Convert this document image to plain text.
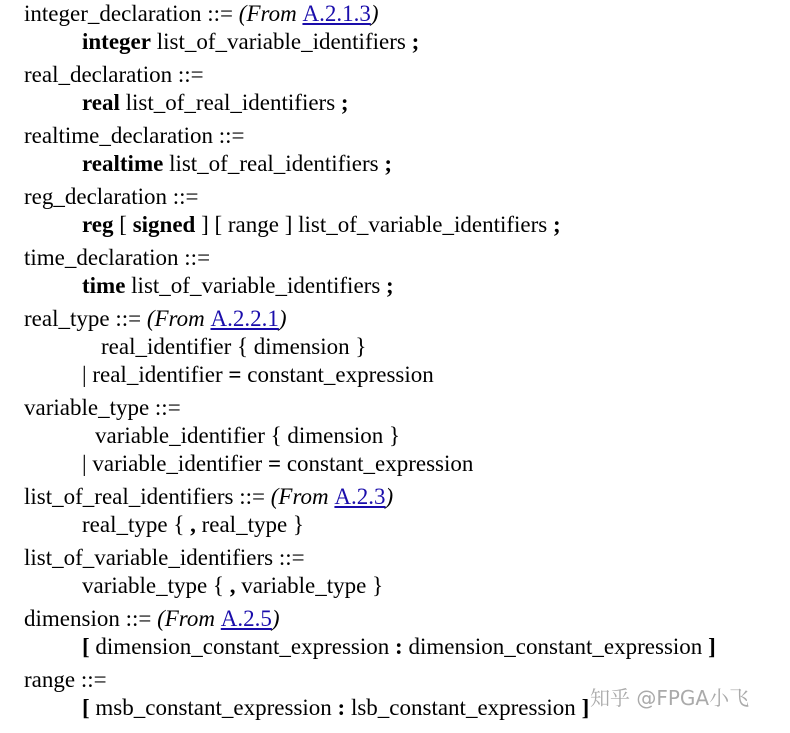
integer_declaration ::= (From A.2.1.3)
integer list_of_variable_identifiers ;
real_declaration ::=
real list_of_real_identifiers ;
realtime_declaration ::=
realtime list_of_real_identifiers ;
reg_declaration ::=
reg [ signed ] [ range ] list_of_variable_identifiers ;
time_declaration ::=
time list_of_variable_identifiers ;
real_type ::= (From A.2.2.1)
real_identifier { dimension }
| real_identifier = constant_expression
variable_type ::=
variable_identifier { dimension }
| variable_identifier = constant_expression
list_of_real_identifiers ::= (From A.2.3)
real_type { , real_type }
list_of_variable_identifiers ::=
variable_type { , variable_type }
dimension ::= (From A.2.5)
[ dimension_constant_expression : dimension_constant_expression ]
range ::=
[ msb_constant_expression : lsb_constant_expression ] 知乎 @FPGA小飞
